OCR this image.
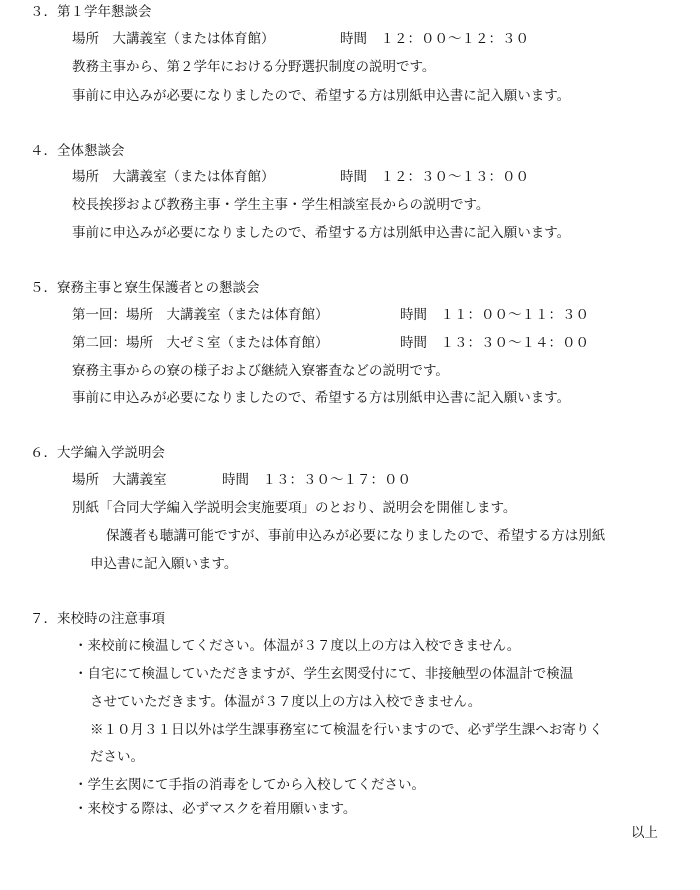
３．第１学年懇談会
場所　大講義室（または体育館）	時間　１２：００～１２：３０
教務主事から、第２学年における分野選択制度の説明です。
事前に申込みが必要になりましたので、希望する方は別紙申込書に記入願います。
４．全体懇談会
場所　大講義室（または体育館）	時間　１２：３０～１３：００
校長挨拶および教務主事・学生主事・学生相談室長からの説明です。
事前に申込みが必要になりましたので、希望する方は別紙申込書に記入願います。
５．寮務主事と寮生保護者との懇談会
第一回：場所　大講義室（または体育館）	時間　１１：００～１１：３０
第二回：場所　大ゼミ室（または体育館）	時間　１３：３０～１４：００
寮務主事からの寮の様子および継続入寮審査などの説明です。
事前に申込みが必要になりましたので、希望する方は別紙申込書に記入願います。
６．大学編入学説明会
場所　大講義室	時間　１３：３０～１７：００
別紙「合同大学編入学説明会実施要項」のとおり、説明会を開催します。
保護者も聴講可能ですが、事前申込みが必要になりましたので、希望する方は別紙
申込書に記入願います。
７．来校時の注意事項
・来校前に検温してください。体温が３７度以上の方は入校できません。
・自宅にて検温していただきますが、学生玄関受付にて、非接触型の体温計で検温
させていただきます。体温が３７度以上の方は入校できません。
※１０月３１日以外は学生課事務室にて検温を行いますので、必ず学生課へお寄りく
ださい。
・学生玄関にて手指の消毒をしてから入校してください。
・来校する際は、必ずマスクを着用願います。
以上
